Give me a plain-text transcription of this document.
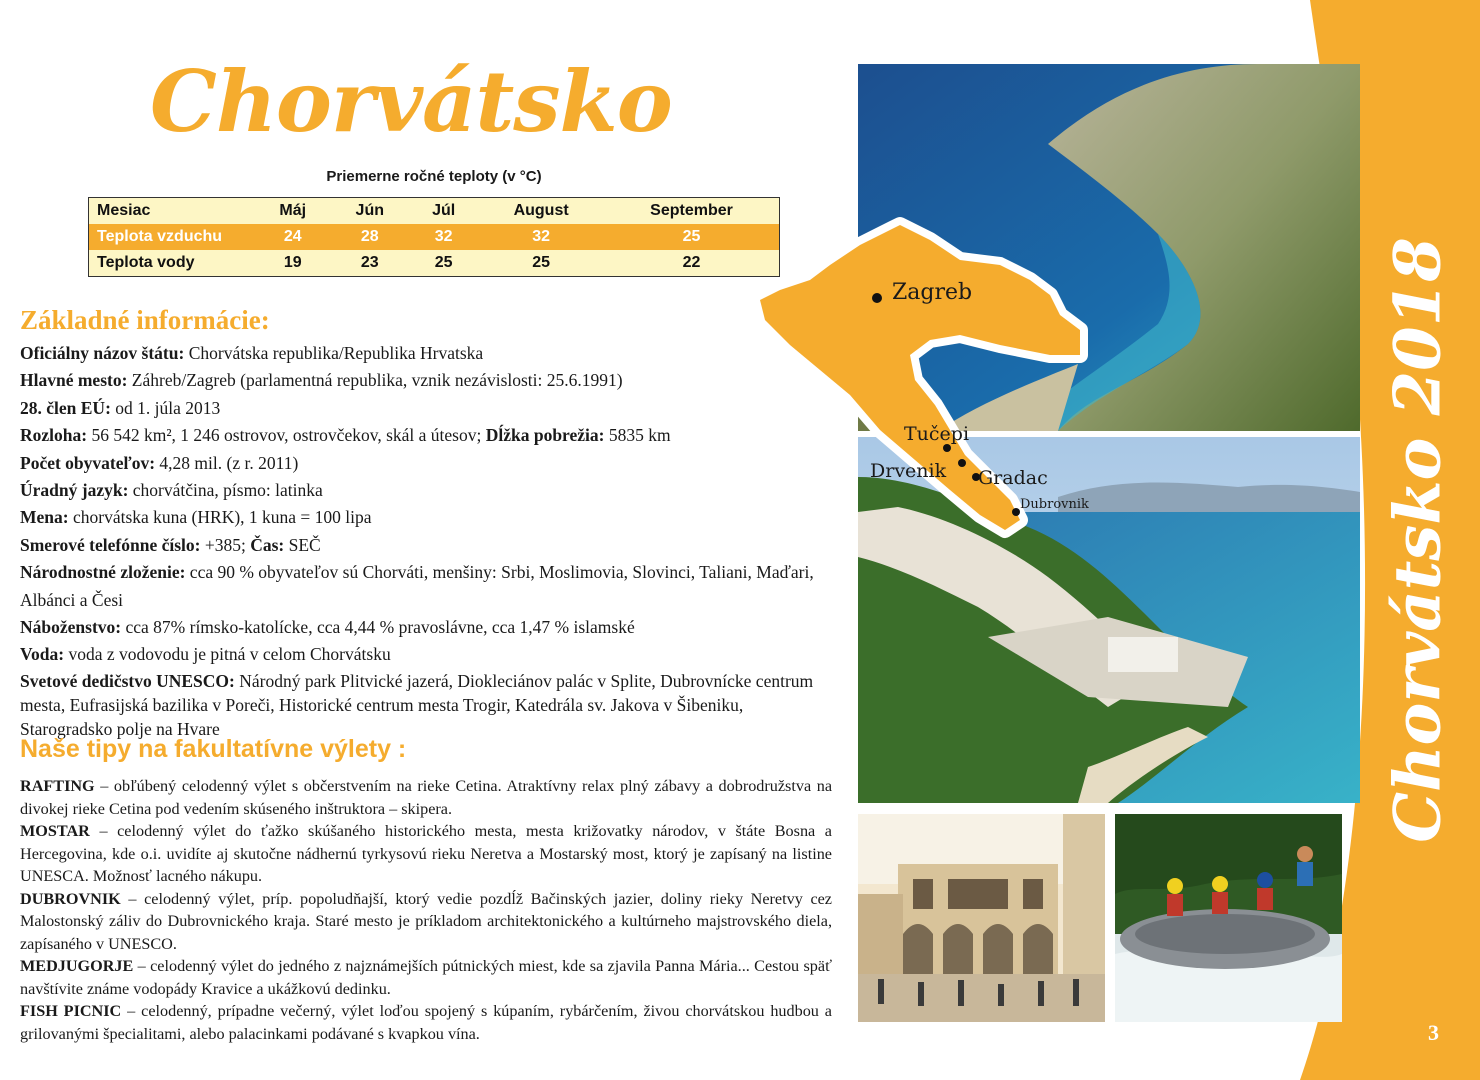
Chorvátsko 2018
3
Chorvátsko
Priemerne ročné teploty (v °C)
Mesiac	Máj	Jún	Júl	August	September
Teplota vzduchu	24	28	32	32	25
Teplota vody	19	23	25	25	22
Základné informácie:
Oficiálny názov štátu: Chorvátska republika/Republika Hrvatska
Hlavné mesto: Záhreb/Zagreb (parlamentná republika, vznik nezávislosti: 25.6.1991)
28. člen EÚ: od 1. júla 2013
Rozloha: 56 542 km², 1 246 ostrovov, ostrovčekov, skál a útesov; Dĺžka pobrežia: 5835 km
Počet obyvateľov: 4,28 mil. (z r. 2011)
Úradný jazyk: chorvátčina, písmo: latinka
Mena: chorvátska kuna (HRK), 1 kuna = 100 lipa
Smerové telefónne číslo: +385; Čas: SEČ
Národnostné zloženie: cca 90 % obyvateľov sú Chorváti, menšiny: Srbi, Moslimovia, Slovinci, Taliani, Maďari, Albánci a Česi
Náboženstvo: cca 87% rímsko-katolícke, cca 4,44 % pravoslávne, cca 1,47 % islamské
Voda: voda z vodovodu je pitná v celom Chorvátsku
Svetové dedičstvo UNESCO: Národný park Plitvické jazerá, Diokleciánov palác v Splite, Dubrovnícke centrum mesta, Eufrasijská bazilika v Poreči, Historické centrum mesta Trogir, Katedrála sv. Jakova v Šibeniku, Starogradsko polje na Hvare
Naše tipy na fakultatívne výlety :

RAFTING – obľúbený celodenný výlet s občerstvením na rieke Cetina. Atraktívny relax plný zábavy a dobrodružstva na divokej rieke Cetina pod vedením skúseného inštruktora – skipera.

MOSTAR – celodenný výlet do ťažko skúšaného historického mesta, mesta križovatky národov, v štáte Bosna a Hercegovina, kde o.i. uvidíte aj skutočne nádhernú tyrkysovú rieku Neretva a Mostarský most, ktorý je zapísaný na listine UNESCA. Možnosť lacného nákupu.

DUBROVNIK – celodenný výlet, príp. popoludňajší, ktorý vedie pozdĺž Bačinských jazier, doliny rieky Neretvy cez Malostonský záliv do Dubrovnického kraja. Staré mesto je príkladom architektonického a kultúrneho majstrovského diela, zapísaného v UNESCO.

MEDJUGORJE – celodenný výlet do jedného z najznámejších pútnických miest, kde sa zjavila Panna Mária... Cestou späť navštívite známe vodopády Kravice a ukážkovú dedinku.

FISH PICNIC – celodenný, prípadne večerný, výlet loďou spojený s kúpaním, rybárčením, živou chorvátskou hudbou a grilovanými špecialitami, alebo palacinkami podávané s kvapkou vína.

Zagreb
Tučepi
Drvenik Gradac
Dubrovnik
